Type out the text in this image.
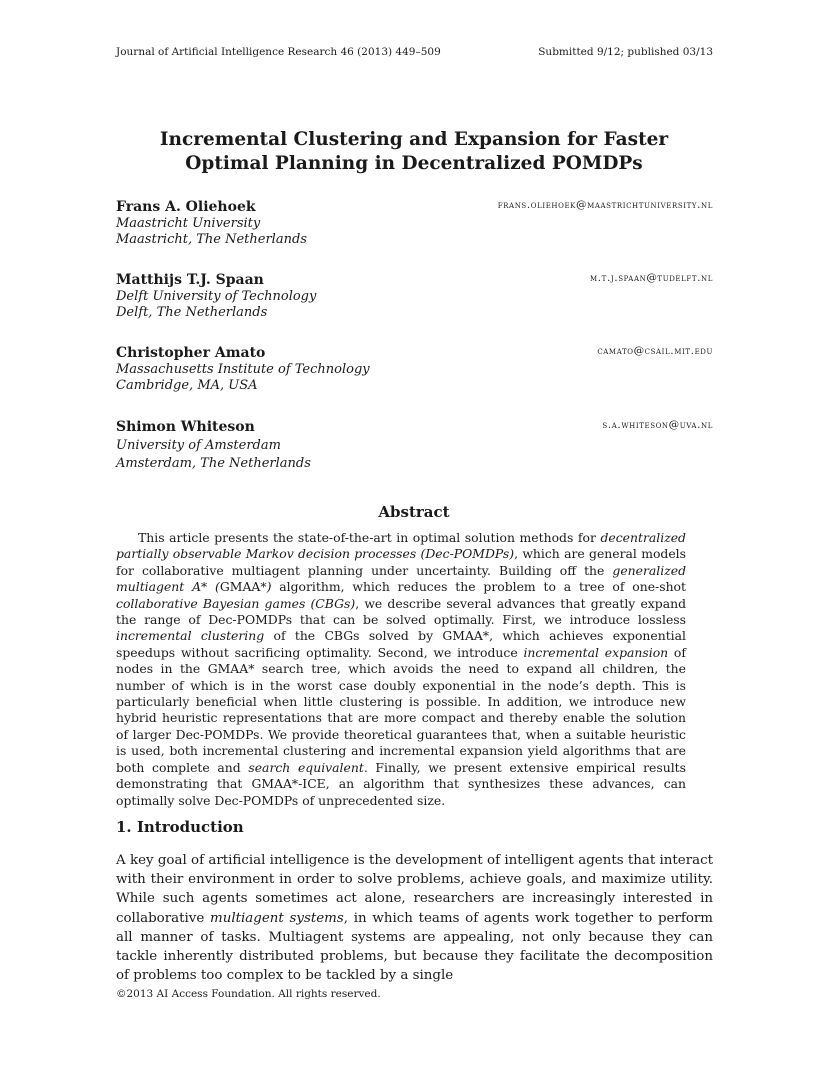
Journal of Artificial Intelligence Research 46 (2013) 449–509	Submitted 9/12; published 03/13
Incremental Clustering and Expansion for Faster
Optimal Planning in Decentralized POMDPs
Frans A. Oliehoek	frans.oliehoek@maastrichtuniversity.nl
Maastricht University
Maastricht, The Netherlands
Matthijs T.J. Spaan	m.t.j.spaan@tudelft.nl
Delft University of Technology
Delft, The Netherlands
Christopher Amato	camato@csail.mit.edu
Massachusetts Institute of Technology
Cambridge, MA, USA
Shimon Whiteson	s.a.whiteson@uva.nl
University of Amsterdam
Amsterdam, The Netherlands
Abstract

This article presents the state-of-the-art in optimal solution methods for decentralized partially observable Markov decision processes (Dec-POMDPs), which are general models for collaborative multiagent planning under uncertainty. Building off the generalized multiagent A* (GMAA*) algorithm, which reduces the problem to a tree of one-shot collaborative Bayesian games (CBGs), we describe several advances that greatly expand the range of Dec-POMDPs that can be solved optimally. First, we introduce lossless incremental clustering of the CBGs solved by GMAA*, which achieves exponential speedups without sacrificing optimality. Second, we introduce incremental expansion of nodes in the GMAA* search tree, which avoids the need to expand all children, the number of which is in the worst case doubly exponential in the node’s depth. This is particularly beneficial when little clustering is possible. In addition, we introduce new hybrid heuristic representations that are more compact and thereby enable the solution of larger Dec-POMDPs. We provide theoretical guarantees that, when a suitable heuristic is used, both incremental clustering and incremental expansion yield algorithms that are both complete and search equivalent. Finally, we present extensive empirical results demonstrating that GMAA*-ICE, an algorithm that synthesizes these advances, can optimally solve Dec-POMDPs of unprecedented size.

1. Introduction

A key goal of artificial intelligence is the development of intelligent agents that interact with their environment in order to solve problems, achieve goals, and maximize utility. While such agents sometimes act alone, researchers are increasingly interested in collaborative multiagent systems, in which teams of agents work together to perform all manner of tasks. Multiagent systems are appealing, not only because they can tackle inherently distributed problems, but because they facilitate the decomposition of problems too complex to be tackled by a single

©2013 AI Access Foundation. All rights reserved.
